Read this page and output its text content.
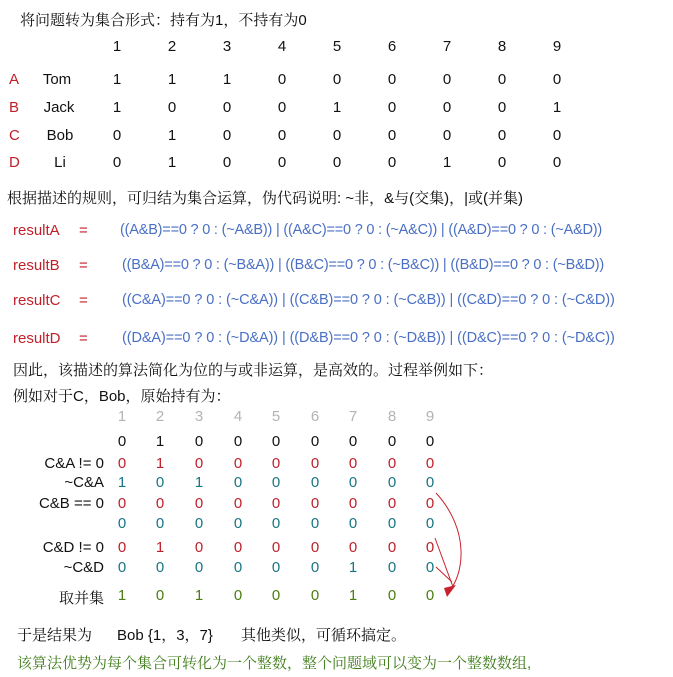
将问题转为集合形式：持有为1，不持有为0
1	2	3	4	5	6	7	8	9
A	Tom	1	1	1	0	0	0	0	0	0
B	Jack	1	0	0	0	1	0	0	0	1
C	Bob	0	1	0	0	0	0	0	0	0
D	Li	0	1	0	0	0	0	1	0	0
根据描述的规则，可归结为集合运算，伪代码说明: ~非，&与(交集)，|或(并集)
resultA = ((A&B)==0 ? 0 : (~A&B)) | ((A&C)==0 ? 0 : (~A&C)) | ((A&D)==0 ? 0 : (~A&D))
resultB = ((B&A)==0 ? 0 : (~B&A)) | ((B&C)==0 ? 0 : (~B&C)) | ((B&D)==0 ? 0 : (~B&D))
resultC = ((C&A)==0 ? 0 : (~C&A)) | ((C&B)==0 ? 0 : (~C&B)) | ((C&D)==0 ? 0 : (~C&D))
resultD = ((D&A)==0 ? 0 : (~D&A)) | ((D&B)==0 ? 0 : (~D&B)) | ((D&C)==0 ? 0 : (~D&C))
因此，该描述的算法简化为位的与或非运算，是高效的。过程举例如下：
例如对于C，Bob，原始持有为：
1	2	3	4	5	6	7	8	9
0	1	0	0	0	0	0	0	0
C&A != 0 0	1	0	0	0	0	0	0	0
~C&A 1	0	1	0	0	0	0	0	0
C&B == 0 0	0	0	0	0	0	0	0	0
0	0	0	0	0	0	0	0	0
C&D != 0 0	1	0	0	0	0	0	0	0
~C&D 0	0	0	0	0	0	1	0	0
取并集 1	0	1	0	0	0	1	0	0
于是结果为 Bob {1，3，7} 其他类似，可循环搞定。
该算法优势为每个集合可转化为一个整数，整个问题域可以变为一个整数数组,
